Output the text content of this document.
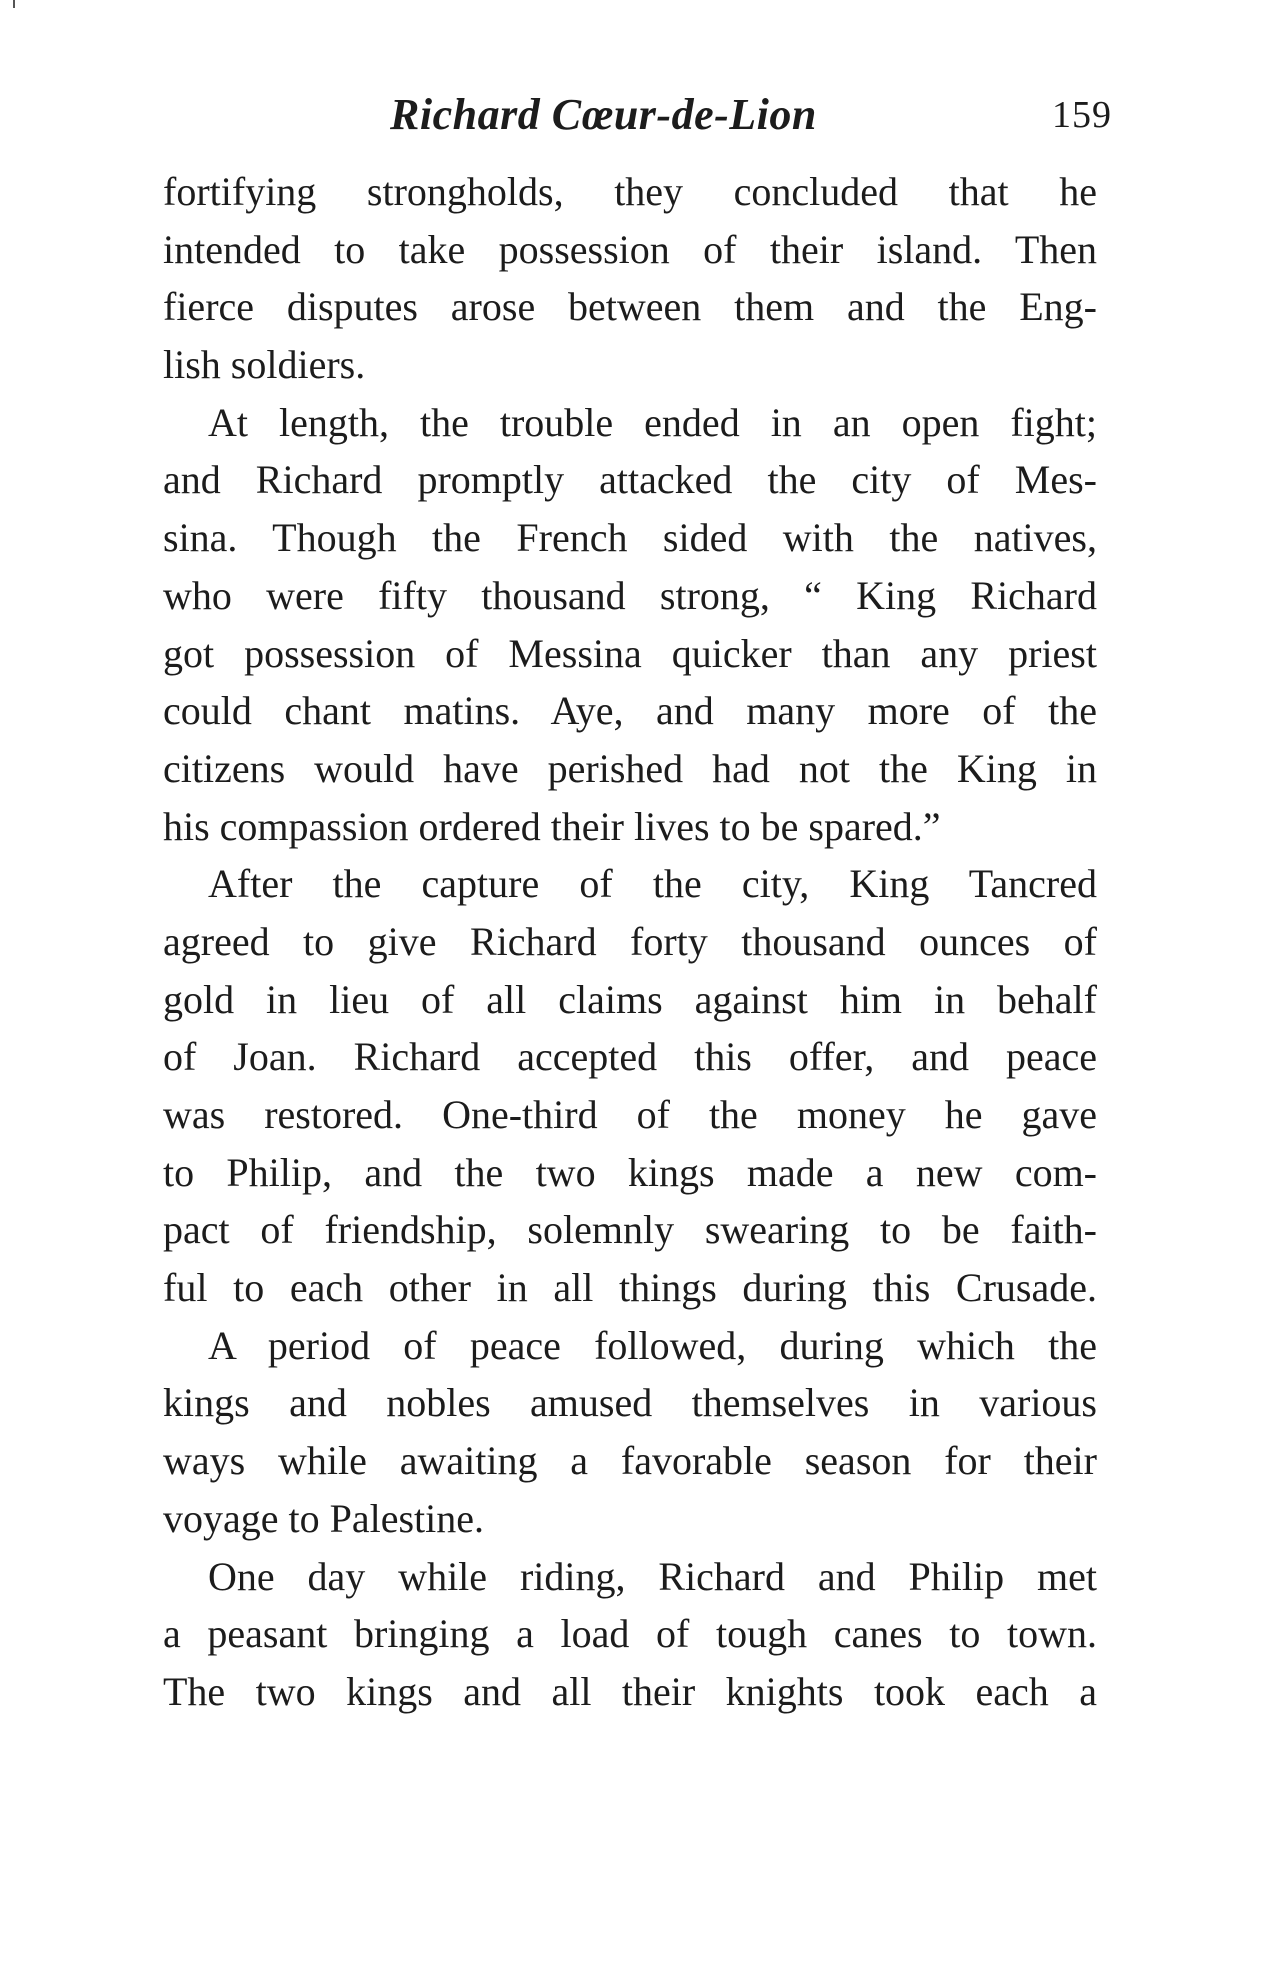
Richard Cœur-de-Lion	159
fortifying strongholds, they concluded that he
intended to take possession of their island. Then
fierce disputes arose between them and the Eng-
lish soldiers.
At length, the trouble ended in an open fight;
and Richard promptly attacked the city of Mes-
sina. Though the French sided with the natives,
who were fifty thousand strong, “ King Richard
got possession of Messina quicker than any priest
could chant matins. Aye, and many more of the
citizens would have perished had not the King in
his compassion ordered their lives to be spared.”
After the capture of the city, King Tancred
agreed to give Richard forty thousand ounces of
gold in lieu of all claims against him in behalf
of Joan. Richard accepted this offer, and peace
was restored. One-third of the money he gave
to Philip, and the two kings made a new com-
pact of friendship, solemnly swearing to be faith-
ful to each other in all things during this Crusade.
A period of peace followed, during which the
kings and nobles amused themselves in various
ways while awaiting a favorable season for their
voyage to Palestine.
One day while riding, Richard and Philip met
a peasant bringing a load of tough canes to town.
The two kings and all their knights took each a
